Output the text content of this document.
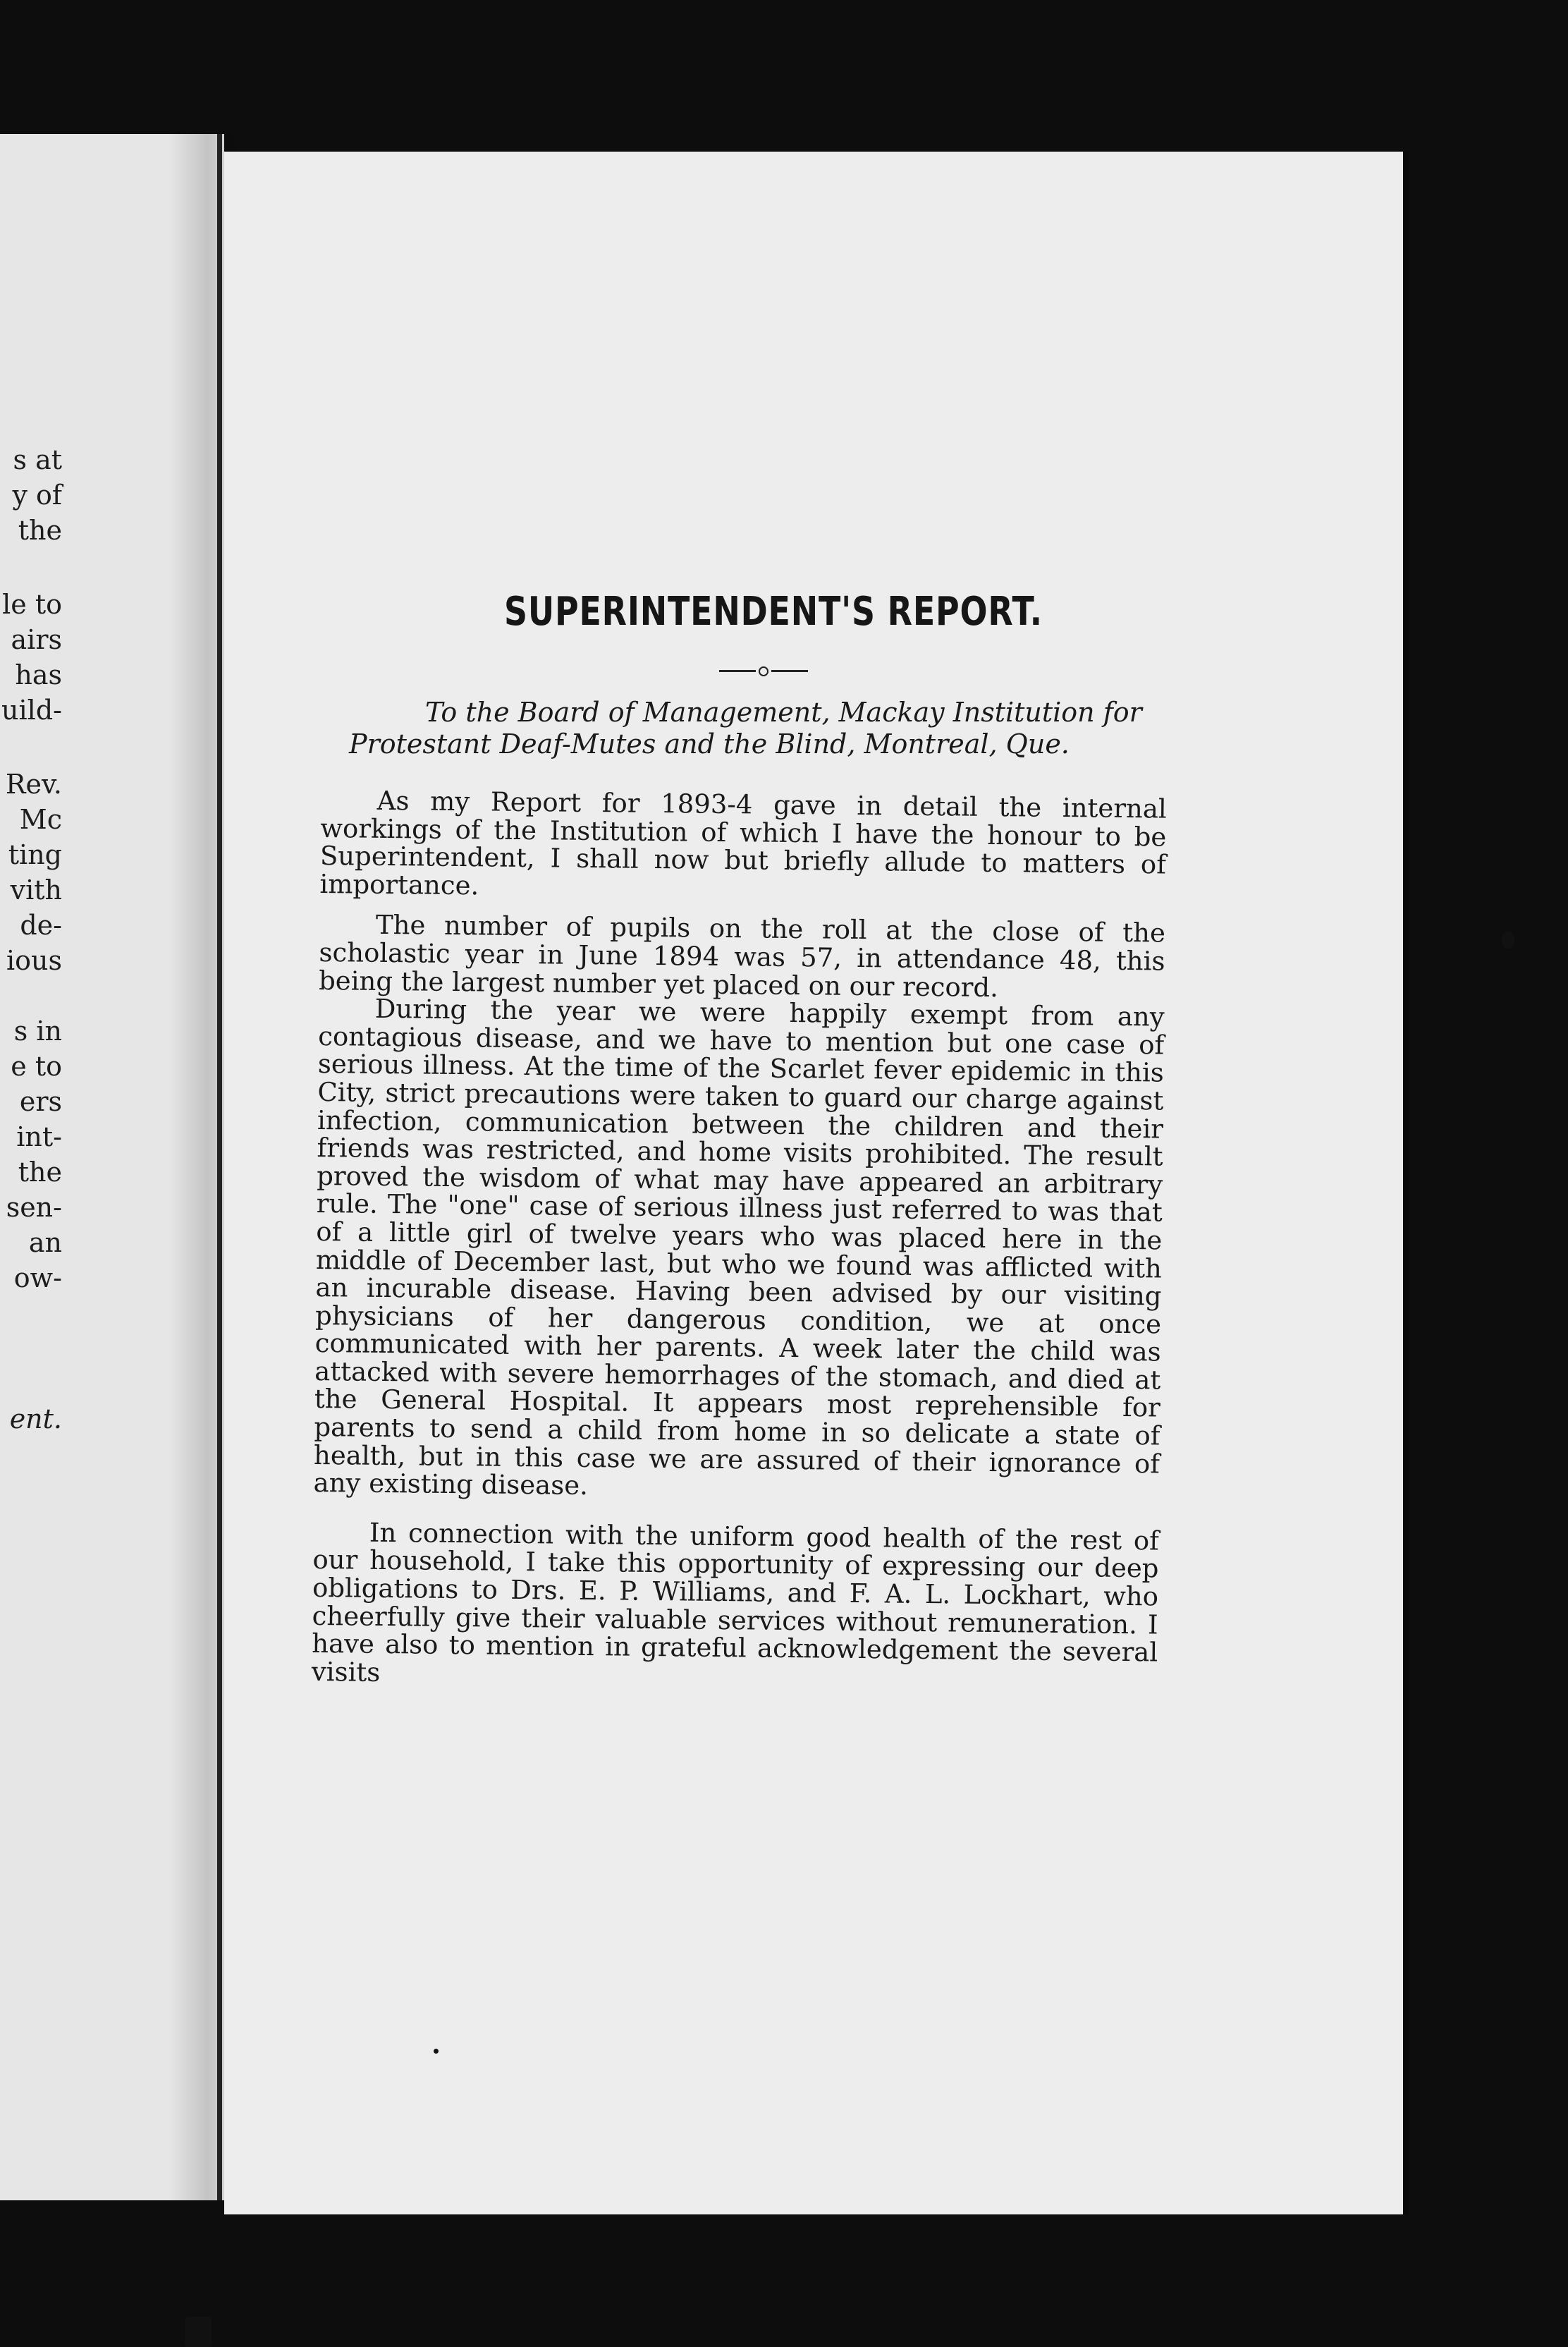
s at
y of
the
le to
airs
has
uild-
Rev.
Mc
ting
vith
de-
ious
s in
e to
ers
int-
the
sen-
an
ow-
ent.
SUPERINTENDENT'S REPORT.
To the Board of Management, Mackay Institution for
Protestant Deaf-Mutes and the Blind, Montreal, Que.

As my Report for 1893-4 gave in detail the internal workings of the Institution of which I have the honour to be Superintendent, I shall now but briefly allude to matters of importance.

The number of pupils on the roll at the close of the scholastic year in June 1894 was 57, in attendance 48, this being the largest number yet placed on our record.

During the year we were happily exempt from any contagious disease, and we have to mention but one case of serious illness. At the time of the Scarlet fever epidemic in this City, strict precautions were taken to guard our charge against infection, communication between the children and their friends was restricted, and home visits prohibited. The result proved the wisdom of what may have appeared an arbitrary rule. The "one" case of serious illness just referred to was that of a little girl of twelve years who was placed here in the middle of December last, but who we found was afflicted with an incurable disease. Having been advised by our visiting physicians of her dangerous condition, we at once communicated with her parents. A week later the child was attacked with severe hemorrhages of the stomach, and died at the General Hospital. It appears most reprehensible for parents to send a child from home in so delicate a state of health, but in this case we are assured of their ignorance of any existing disease.

In connection with the uniform good health of the rest of our household, I take this opportunity of expressing our deep obligations to Drs. E. P. Williams, and F. A. L. Lockhart, who cheerfully give their valuable services without remuneration. I have also to mention in grateful acknowledgement the several visits
